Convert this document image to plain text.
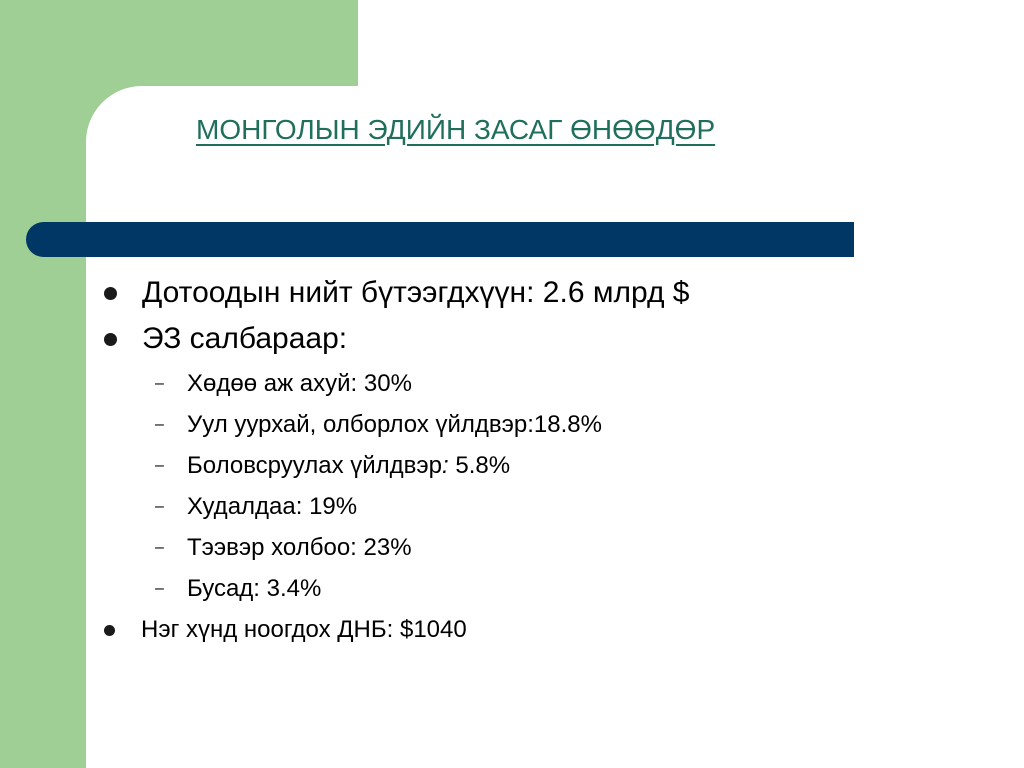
МОНГОЛЫН ЭДИЙН ЗАСАГ ӨНӨӨДӨР
Дотоодын нийт бүтээгдхүүн: 2.6 млрд $
ЭЗ салбараар:
– Хөдөө аж ахуй: 30%
– Уул уурхай, олборлох үйлдвэр:18.8%
– Боловсруулах үйлдвэр: 5.8%
– Худалдаа: 19%
– Тээвэр холбоо: 23%
– Бусад: 3.4%
Нэг хүнд ноогдох ДНБ: $1040
